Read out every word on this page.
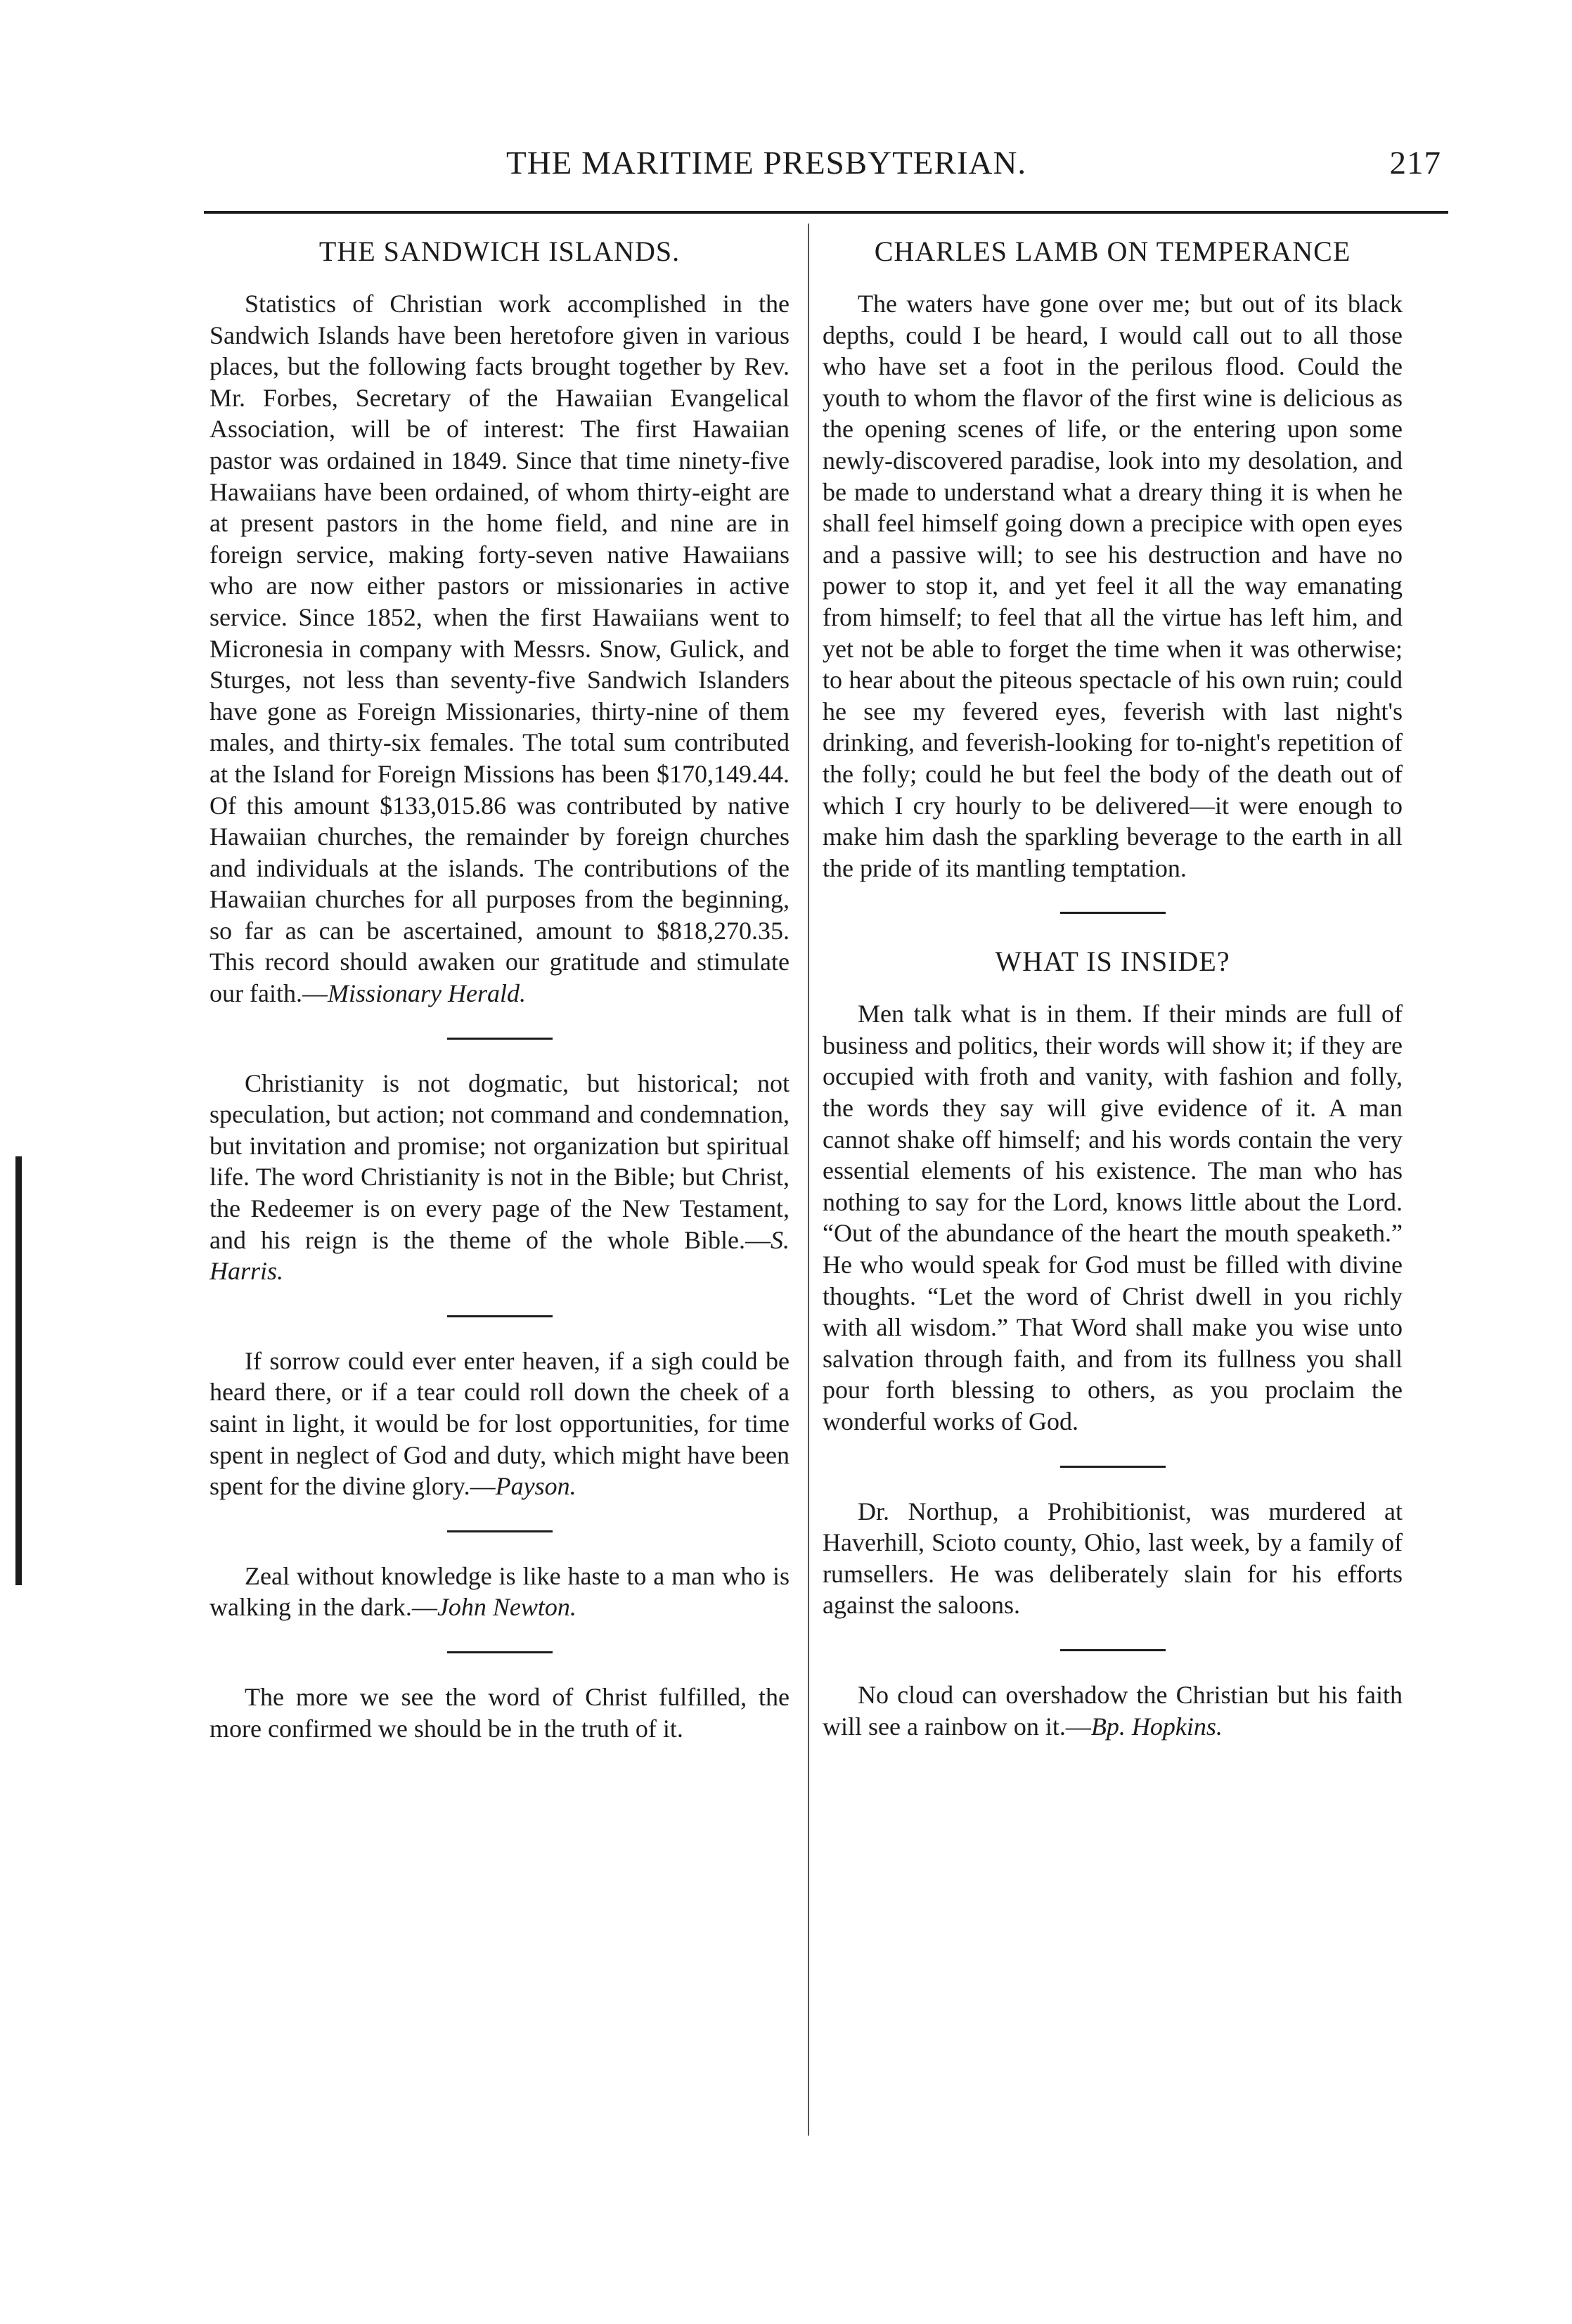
THE MARITIME PRESBYTERIAN.	217
THE SANDWICH ISLANDS.

Statistics of Christian work accomplished in the Sandwich Islands have been heretofore given in various places, but the following facts brought together by Rev. Mr. Forbes, Secretary of the Hawaiian Evangelical Association, will be of interest: The first Hawaiian pastor was ordained in 1849. Since that time ninety-five Hawaiians have been ordained, of whom thirty-eight are at present pastors in the home field, and nine are in foreign service, making forty-seven native Hawaiians who are now either pastors or missionaries in active service. Since 1852, when the first Hawaiians went to Micronesia in company with Messrs. Snow, Gulick, and Sturges, not less than seventy-five Sandwich Islanders have gone as Foreign Missionaries, thirty-nine of them males, and thirty-six females. The total sum contributed at the Island for Foreign Missions has been $170,149.44. Of this amount $133,015.86 was contributed by native Hawaiian churches, the remainder by foreign churches and individuals at the islands. The contributions of the Hawaiian churches for all purposes from the beginning, so far as can be ascertained, amount to $818,270.35. This record should awaken our gratitude and stimulate our faith.—Missionary Herald.

Christianity is not dogmatic, but historical; not speculation, but action; not command and condemnation, but invitation and promise; not organization but spiritual life. The word Christianity is not in the Bible; but Christ, the Redeemer is on every page of the New Testament, and his reign is the theme of the whole Bible.—S. Harris.

If sorrow could ever enter heaven, if a sigh could be heard there, or if a tear could roll down the cheek of a saint in light, it would be for lost opportunities, for time spent in neglect of God and duty, which might have been spent for the divine glory.—Payson.

Zeal without knowledge is like haste to a man who is walking in the dark.—John Newton.

The more we see the word of Christ fulfilled, the more confirmed we should be in the truth of it.

CHARLES LAMB ON TEMPERANCE

The waters have gone over me; but out of its black depths, could I be heard, I would call out to all those who have set a foot in the perilous flood. Could the youth to whom the flavor of the first wine is delicious as the opening scenes of life, or the entering upon some newly-discovered paradise, look into my desolation, and be made to understand what a dreary thing it is when he shall feel himself going down a precipice with open eyes and a passive will; to see his destruction and have no power to stop it, and yet feel it all the way emanating from himself; to feel that all the virtue has left him, and yet not be able to forget the time when it was otherwise; to hear about the piteous spectacle of his own ruin; could he see my fevered eyes, feverish with last night's drinking, and feverish-looking for to-night's repetition of the folly; could he but feel the body of the death out of which I cry hourly to be delivered—it were enough to make him dash the sparkling beverage to the earth in all the pride of its mantling temptation.

WHAT IS INSIDE?

Men talk what is in them. If their minds are full of business and politics, their words will show it; if they are occupied with froth and vanity, with fashion and folly, the words they say will give evidence of it. A man cannot shake off himself; and his words contain the very essential elements of his existence. The man who has nothing to say for the Lord, knows little about the Lord. “Out of the abundance of the heart the mouth speaketh.” He who would speak for God must be filled with divine thoughts. “Let the word of Christ dwell in you richly with all wisdom.” That Word shall make you wise unto salvation through faith, and from its fullness you shall pour forth blessing to others, as you proclaim the wonderful works of God.

Dr. Northup, a Prohibitionist, was murdered at Haverhill, Scioto county, Ohio, last week, by a family of rumsellers. He was deliberately slain for his efforts against the saloons.

No cloud can overshadow the Christian but his faith will see a rainbow on it.—Bp. Hopkins.
